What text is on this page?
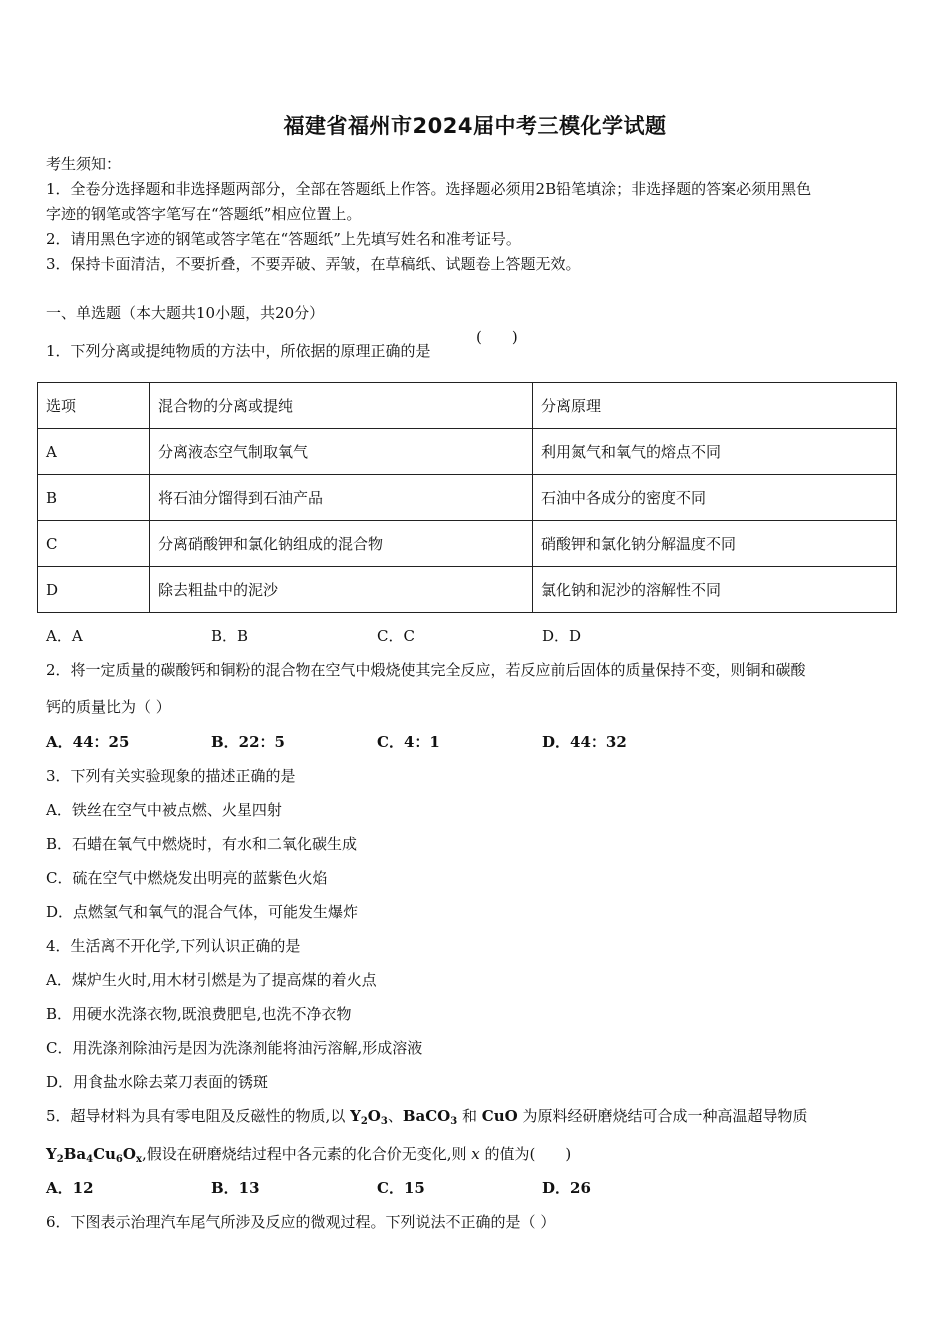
福建省福州市2024届中考三模化学试题
考生须知：
1．全卷分选择题和非选择题两部分，全部在答题纸上作答。选择题必须用2B铅笔填涂；非选择题的答案必须用黑色
字迹的钢笔或答字笔写在“答题纸”相应位置上。
2．请用黑色字迹的钢笔或答字笔在“答题纸”上先填写姓名和准考证号。
3．保持卡面清洁，不要折叠，不要弄破、弄皱，在草稿纸、试题卷上答题无效。
一、单选题（本大题共10小题，共20分）
1．下列分离或提纯物质的方法中，所依据的原理正确的是
(　　)
选项	混合物的分离或提纯	分离原理
A	分离液态空气制取氧气	利用氮气和氧气的熔点不同
B	将石油分馏得到石油产品	石油中各成分的密度不同
C	分离硝酸钾和氯化钠组成的混合物	硝酸钾和氯化钠分解温度不同
D	除去粗盐中的泥沙	氯化钠和泥沙的溶解性不同
A．A	B．B	C．C	D．D
2．将一定质量的碳酸钙和铜粉的混合物在空气中煅烧使其完全反应，若反应前后固体的质量保持不变，则铜和碳酸
钙的质量比为（ ）
A．44：25	B．22：5	C．4：1	D．44：32
3．下列有关实验现象的描述正确的是
A．铁丝在空气中被点燃、火星四射
B．石蜡在氧气中燃烧时，有水和二氧化碳生成
C．硫在空气中燃烧发出明亮的蓝紫色火焰
D．点燃氢气和氧气的混合气体，可能发生爆炸
4．生活离不开化学,下列认识正确的是
A．煤炉生火时,用木材引燃是为了提高煤的着火点
B．用硬水洗涤衣物,既浪费肥皂,也洗不净衣物
C．用洗涤剂除油污是因为洗涤剂能将油污溶解,形成溶液
D．用食盐水除去菜刀表面的锈斑
5．超导材料为具有零电阻及反磁性的物质,以 $Y_2O_3$、BaCO$_3$ 和 CuO 为原料经研磨烧结可合成一种高温超导物质
$Y_2Ba_4Cu_6O_x$,假设在研磨烧结过程中各元素的化合价无变化,则 x 的值为(　　)
A．12	B．13	C．15	D．26
6．下图表示治理汽车尾气所涉及反应的微观过程。下列说法不正确的是（ ）
